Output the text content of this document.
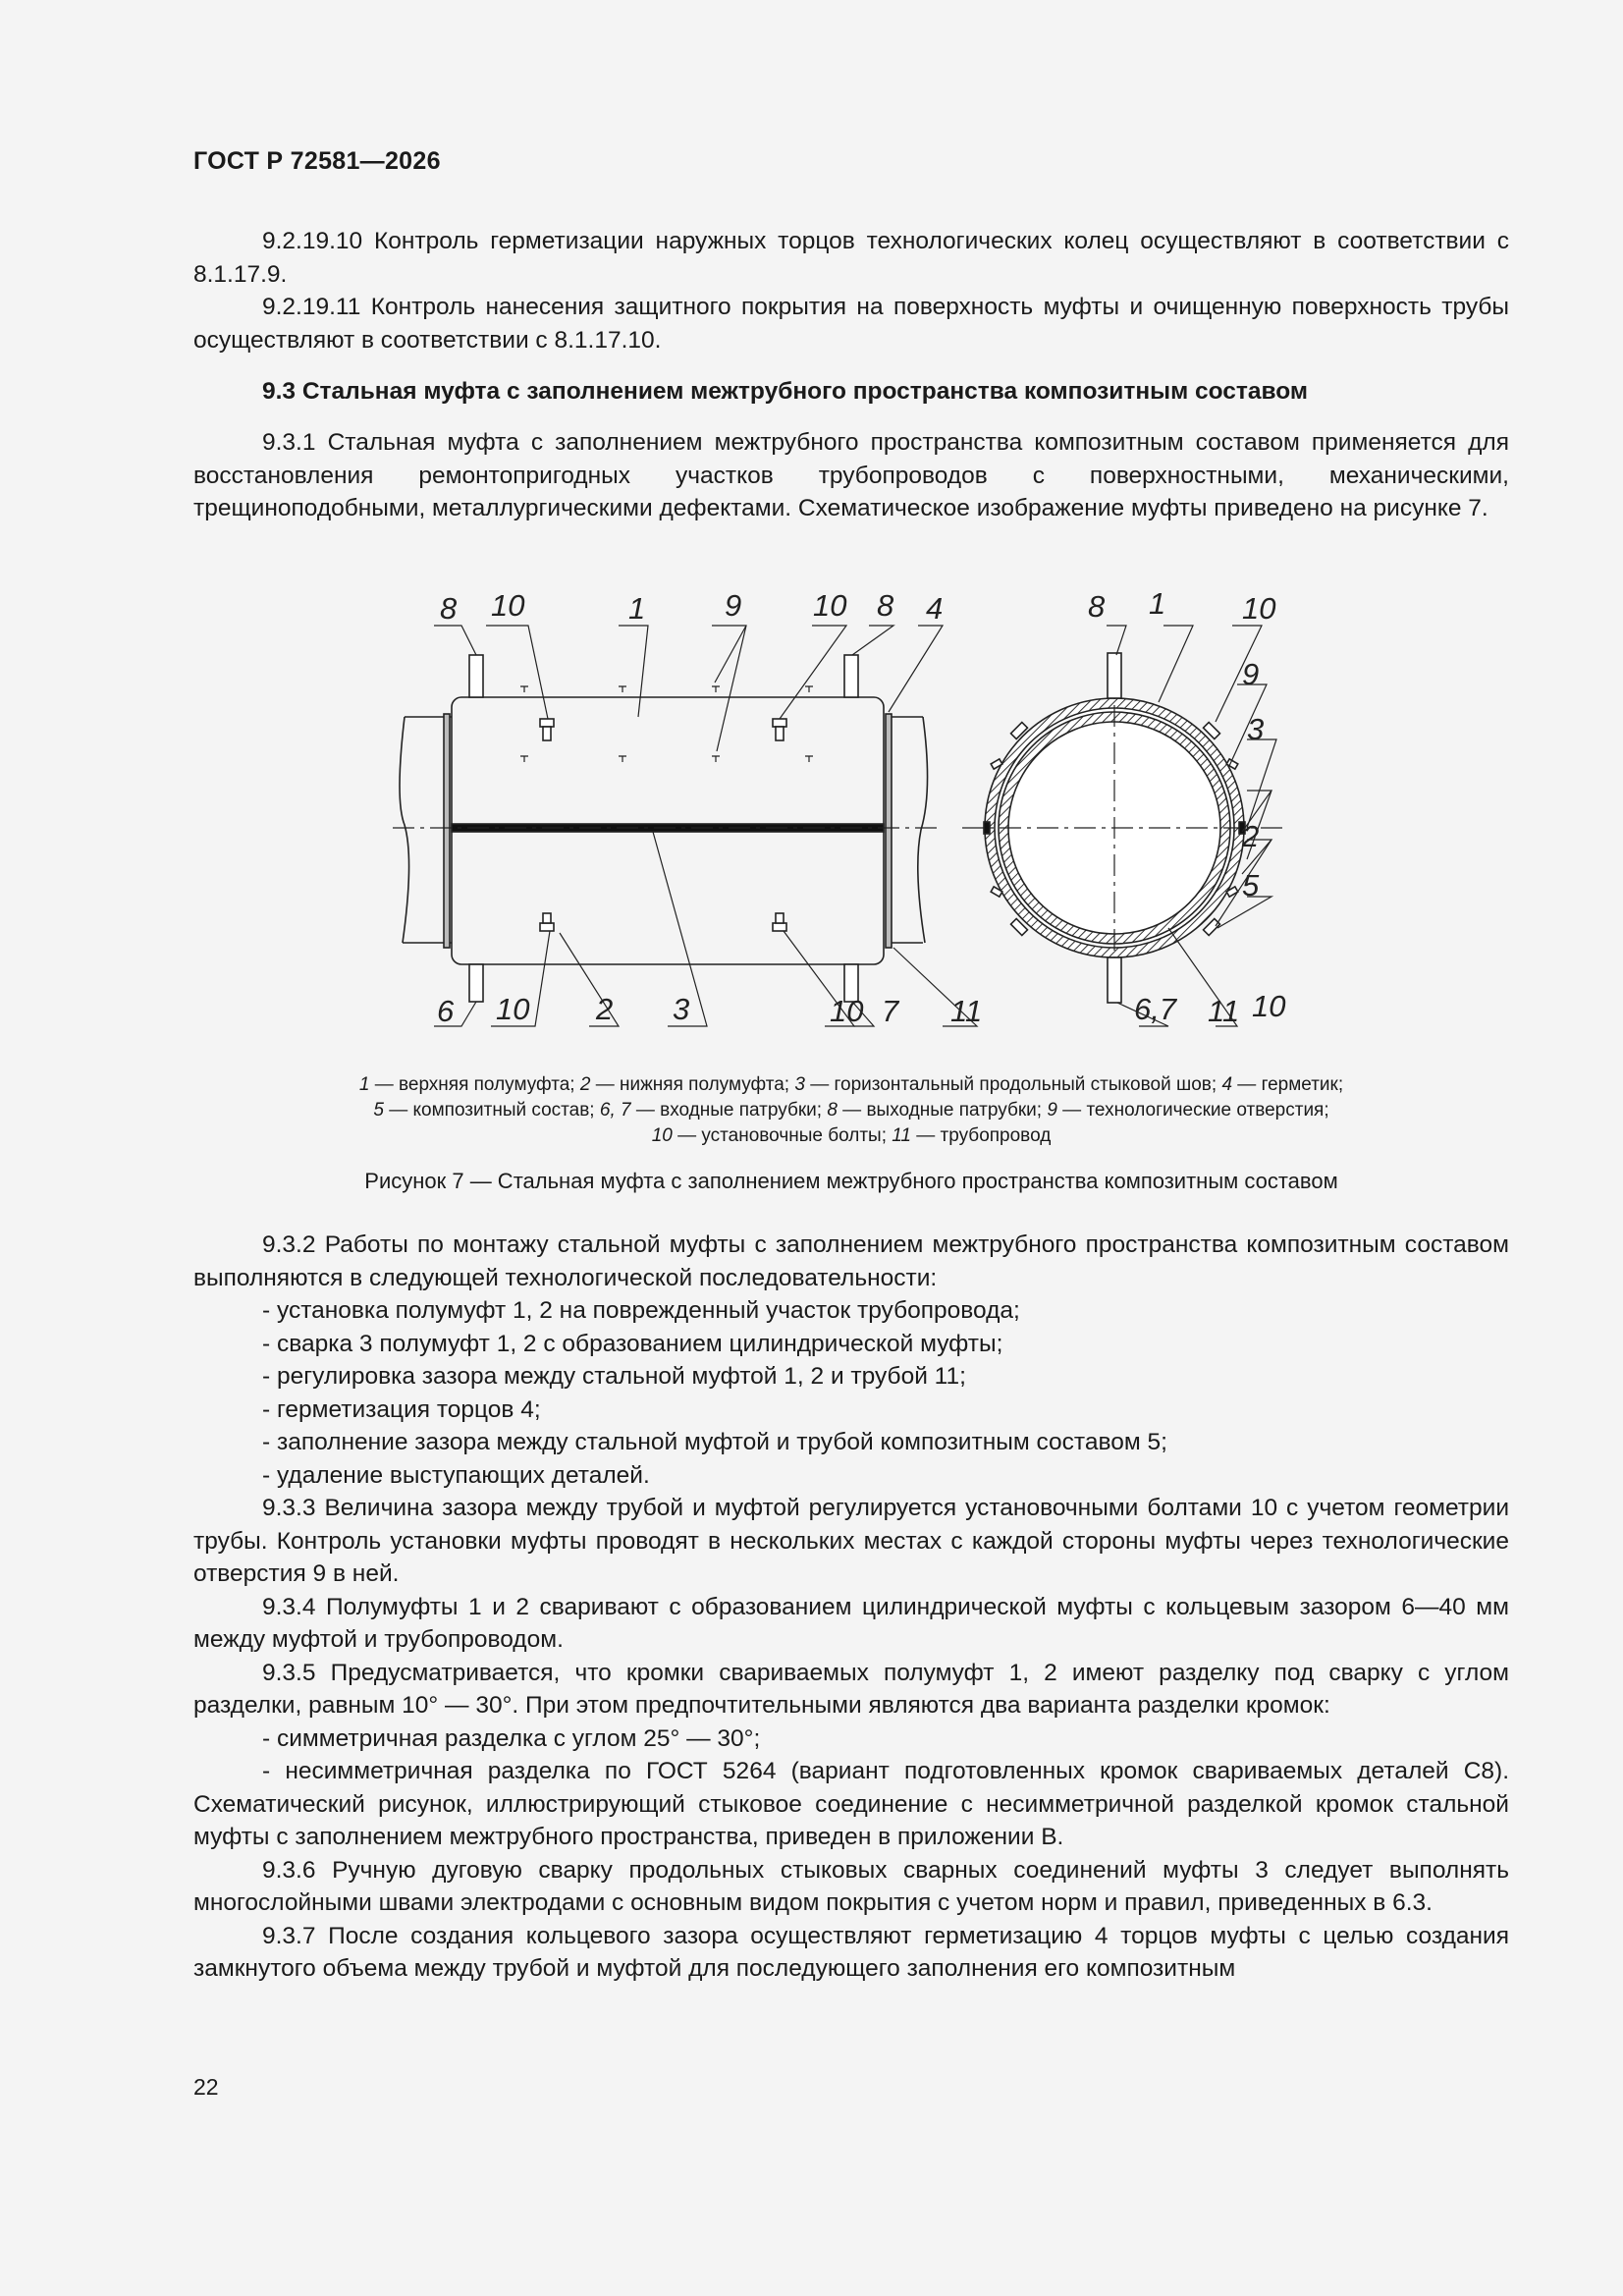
ГОСТ Р 72581—2026

9.2.19.10 Контроль герметизации наружных торцов технологических колец осуществляют в соответствии с 8.1.17.9.

9.2.19.11 Контроль нанесения защитного покрытия на поверхность муфты и очищенную поверхность трубы осуществляют в соответствии с 8.1.17.10.

9.3 Стальная муфта с заполнением межтрубного пространства композитным составом

9.3.1 Стальная муфта с заполнением межтрубного пространства композитным составом применяется для восстановления ремонтопригодных участков трубопроводов с поверхностными, механическими, трещиноподобными, металлургическими дефектами. Схематическое изображение муфты приведено на рисунке 7.

8 10	1	9 10 8 4
6 10 2 3	10 7 11
8 1	10
9
3
2
5
10
11
6,7
1 — верхняя полумуфта; 2 — нижняя полумуфта; 3 — горизонтальный продольный стыковой шов; 4 — герметик;
5 — композитный состав; 6, 7 — входные патрубки; 8 — выходные патрубки; 9 — технологические отверстия;
10 — установочные болты; 11 — трубопровод
Рисунок 7 — Стальная муфта с заполнением межтрубного пространства композитным составом

9.3.2 Работы по монтажу стальной муфты с заполнением межтрубного пространства композитным составом выполняются в следующей технологической последовательности:

- установка полумуфт 1, 2 на поврежденный участок трубопровода;

- сварка 3 полумуфт 1, 2 с образованием цилиндрической муфты;

- регулировка зазора между стальной муфтой 1, 2 и трубой 11;

- герметизация торцов 4;

- заполнение зазора между стальной муфтой и трубой композитным составом 5;

- удаление выступающих деталей.

9.3.3 Величина зазора между трубой и муфтой регулируется установочными болтами 10 с учетом геометрии трубы. Контроль установки муфты проводят в нескольких местах с каждой стороны муфты через технологические отверстия 9 в ней.

9.3.4 Полумуфты 1 и 2 сваривают с образованием цилиндрической муфты с кольцевым зазором 6—40 мм между муфтой и трубопроводом.

9.3.5 Предусматривается, что кромки свариваемых полумуфт 1, 2 имеют разделку под сварку с углом разделки, равным 10° — 30°. При этом предпочтительными являются два варианта разделки кромок:

- симметричная разделка с углом 25° — 30°;

- несимметричная разделка по ГОСТ 5264 (вариант подготовленных кромок свариваемых деталей С8). Схематический рисунок, иллюстрирующий стыковое соединение с несимметричной разделкой кромок стальной муфты с заполнением межтрубного пространства, приведен в приложении В.

9.3.6 Ручную дуговую сварку продольных стыковых сварных соединений муфты 3 следует выполнять многослойными швами электродами с основным видом покрытия с учетом норм и правил, приведенных в 6.3.

9.3.7 После создания кольцевого зазора осуществляют герметизацию 4 торцов муфты с целью создания замкнутого объема между трубой и муфтой для последующего заполнения его композитным

22
